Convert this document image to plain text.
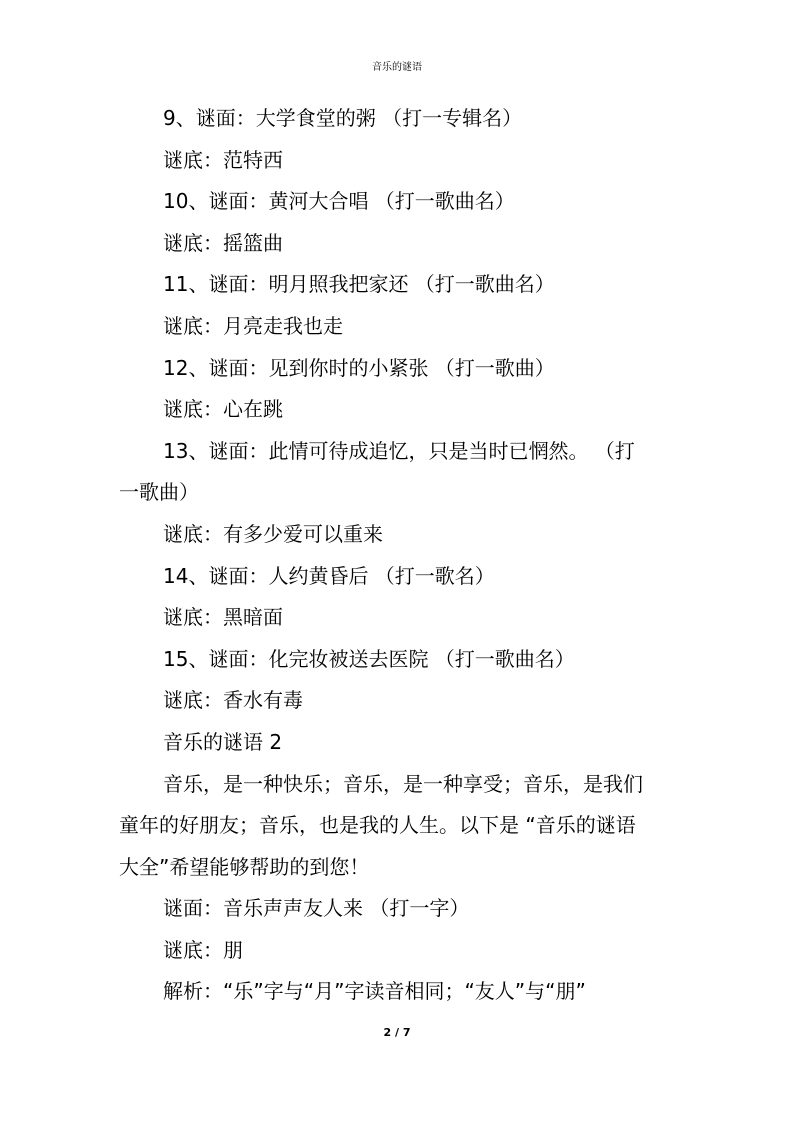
音乐的谜语
9、谜面：大学食堂的粥 （打一专辑名）
谜底：范特西
10、谜面：黄河大合唱 （打一歌曲名）
谜底：摇篮曲
11、谜面：明月照我把家还 （打一歌曲名）
谜底：月亮走我也走
12、谜面：见到你时的小紧张 （打一歌曲）
谜底：心在跳
13、谜面：此情可待成追忆，只是当时已惘然。 （打
一歌曲）
谜底：有多少爱可以重来
14、谜面：人约黄昏后 （打一歌名）
谜底：黑暗面
15、谜面：化完妆被送去医院 （打一歌曲名）
谜底：香水有毒
音乐的谜语 2
音乐，是一种快乐；音乐，是一种享受；音乐，是我们
童年的好朋友；音乐，也是我的人生。以下是 “音乐的谜语
大全”希望能够帮助的到您！
谜面：音乐声声友人来 （打一字）
谜底：朋
解析：“乐”字与“月”字读音相同；“友人”与“朋”
2 / 7
